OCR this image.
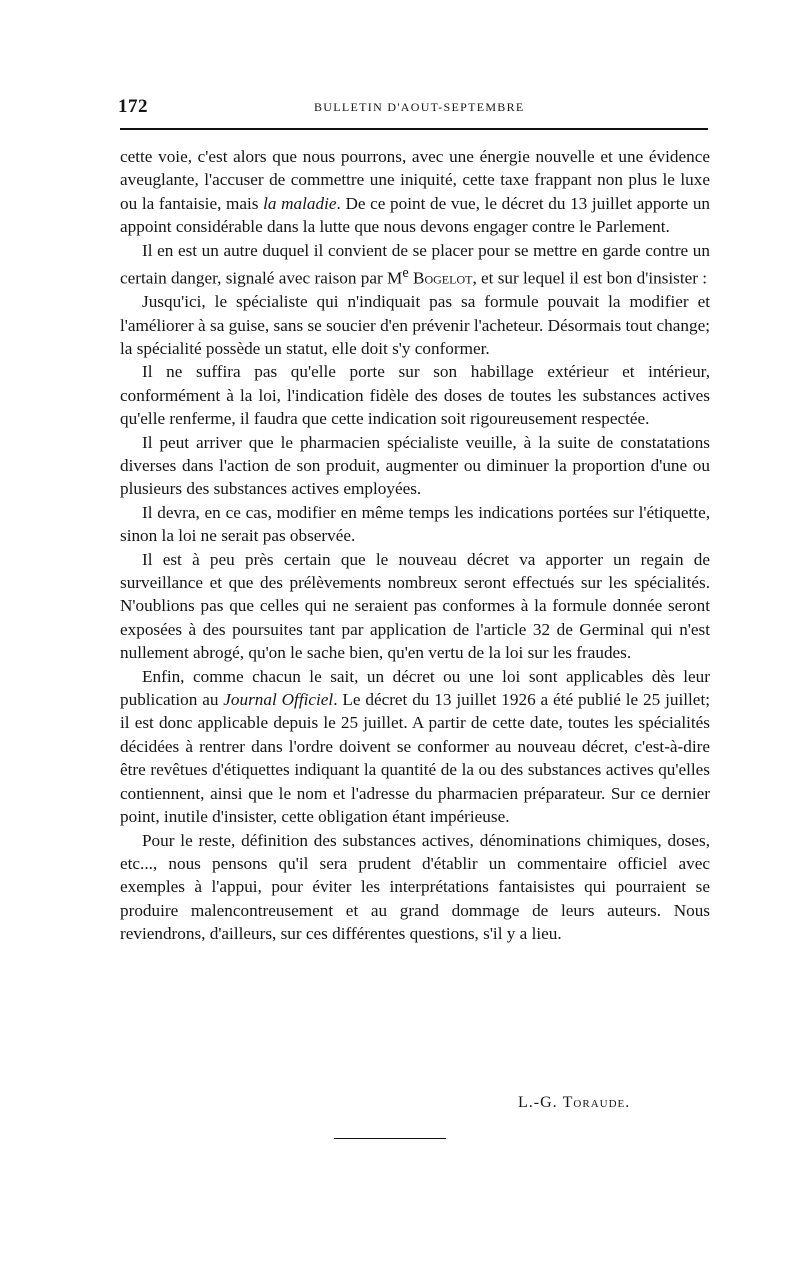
172	BULLETIN D'AOUT-SEPTEMBRE

cette voie, c'est alors que nous pourrons, avec une énergie nouvelle et une évidence aveuglante, l'accuser de commettre une iniquité, cette taxe frappant non plus le luxe ou la fantaisie, mais la maladie. De ce point de vue, le décret du 13 juillet apporte un appoint considérable dans la lutte que nous devons engager contre le Parlement.

Il en est un autre duquel il convient de se placer pour se mettre en garde contre un certain danger, signalé avec raison par Me Bogelot, et sur lequel il est bon d'insister :

Jusqu'ici, le spécialiste qui n'indiquait pas sa formule pouvait la modifier et l'améliorer à sa guise, sans se soucier d'en prévenir l'acheteur. Désormais tout change; la spécialité possède un statut, elle doit s'y conformer.

Il ne suffira pas qu'elle porte sur son habillage extérieur et intérieur, conformément à la loi, l'indication fidèle des doses de toutes les substances actives qu'elle renferme, il faudra que cette indication soit rigoureusement respectée.

Il peut arriver que le pharmacien spécialiste veuille, à la suite de constatations diverses dans l'action de son produit, augmenter ou diminuer la proportion d'une ou plusieurs des substances actives employées.

Il devra, en ce cas, modifier en même temps les indications portées sur l'étiquette, sinon la loi ne serait pas observée.

Il est à peu près certain que le nouveau décret va apporter un regain de surveillance et que des prélèvements nombreux seront effectués sur les spécialités. N'oublions pas que celles qui ne seraient pas conformes à la formule donnée seront exposées à des poursuites tant par application de l'article 32 de Germinal qui n'est nullement abrogé, qu'on le sache bien, qu'en vertu de la loi sur les fraudes.

Enfin, comme chacun le sait, un décret ou une loi sont applicables dès leur publication au Journal Officiel. Le décret du 13 juillet 1926 a été publié le 25 juillet; il est donc applicable depuis le 25 juillet. A partir de cette date, toutes les spécialités décidées à rentrer dans l'ordre doivent se conformer au nouveau décret, c'est-à-dire être revêtues d'étiquettes indiquant la quantité de la ou des substances actives qu'elles contiennent, ainsi que le nom et l'adresse du pharmacien préparateur. Sur ce dernier point, inutile d'insister, cette obligation étant impérieuse.

Pour le reste, définition des substances actives, dénominations chimiques, doses, etc..., nous pensons qu'il sera prudent d'établir un commentaire officiel avec exemples à l'appui, pour éviter les interprétations fantaisistes qui pourraient se produire malencontreusement et au grand dommage de leurs auteurs. Nous reviendrons, d'ailleurs, sur ces différentes questions, s'il y a lieu.

L.-G. Toraude.
